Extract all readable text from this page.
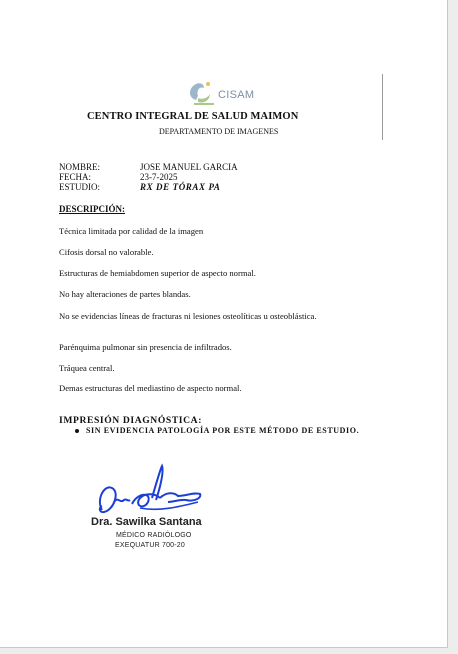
CISAM
CENTRO INTEGRAL DE SALUD MAIMON
DEPARTAMENTO DE IMAGENES
NOMBRE:	JOSE MANUEL GARCIA
FECHA:	23-7-2025
ESTUDIO:	RX DE TÓRAX PA
DESCRIPCIÓN:
Técnica limitada por calidad de la imagen
Cifosis dorsal no valorable.
Estructuras de hemiabdomen superior de aspecto normal.
No hay alteraciones de partes blandas.
No se evidencias líneas de fracturas ni lesiones osteolíticas u osteoblástica.
Parénquima pulmonar sin presencia de infiltrados.
Tráquea central.
Demas estructuras del mediastino de aspecto normal.
IMPRESIÓN DIAGNÓSTICA:
SIN EVIDENCIA PATOLOGÍA POR ESTE MÉTODO DE ESTUDIO.
Dra. Sawilka Santana
MÉDICO RADIÓLOGO
EXEQUATUR 700-20
